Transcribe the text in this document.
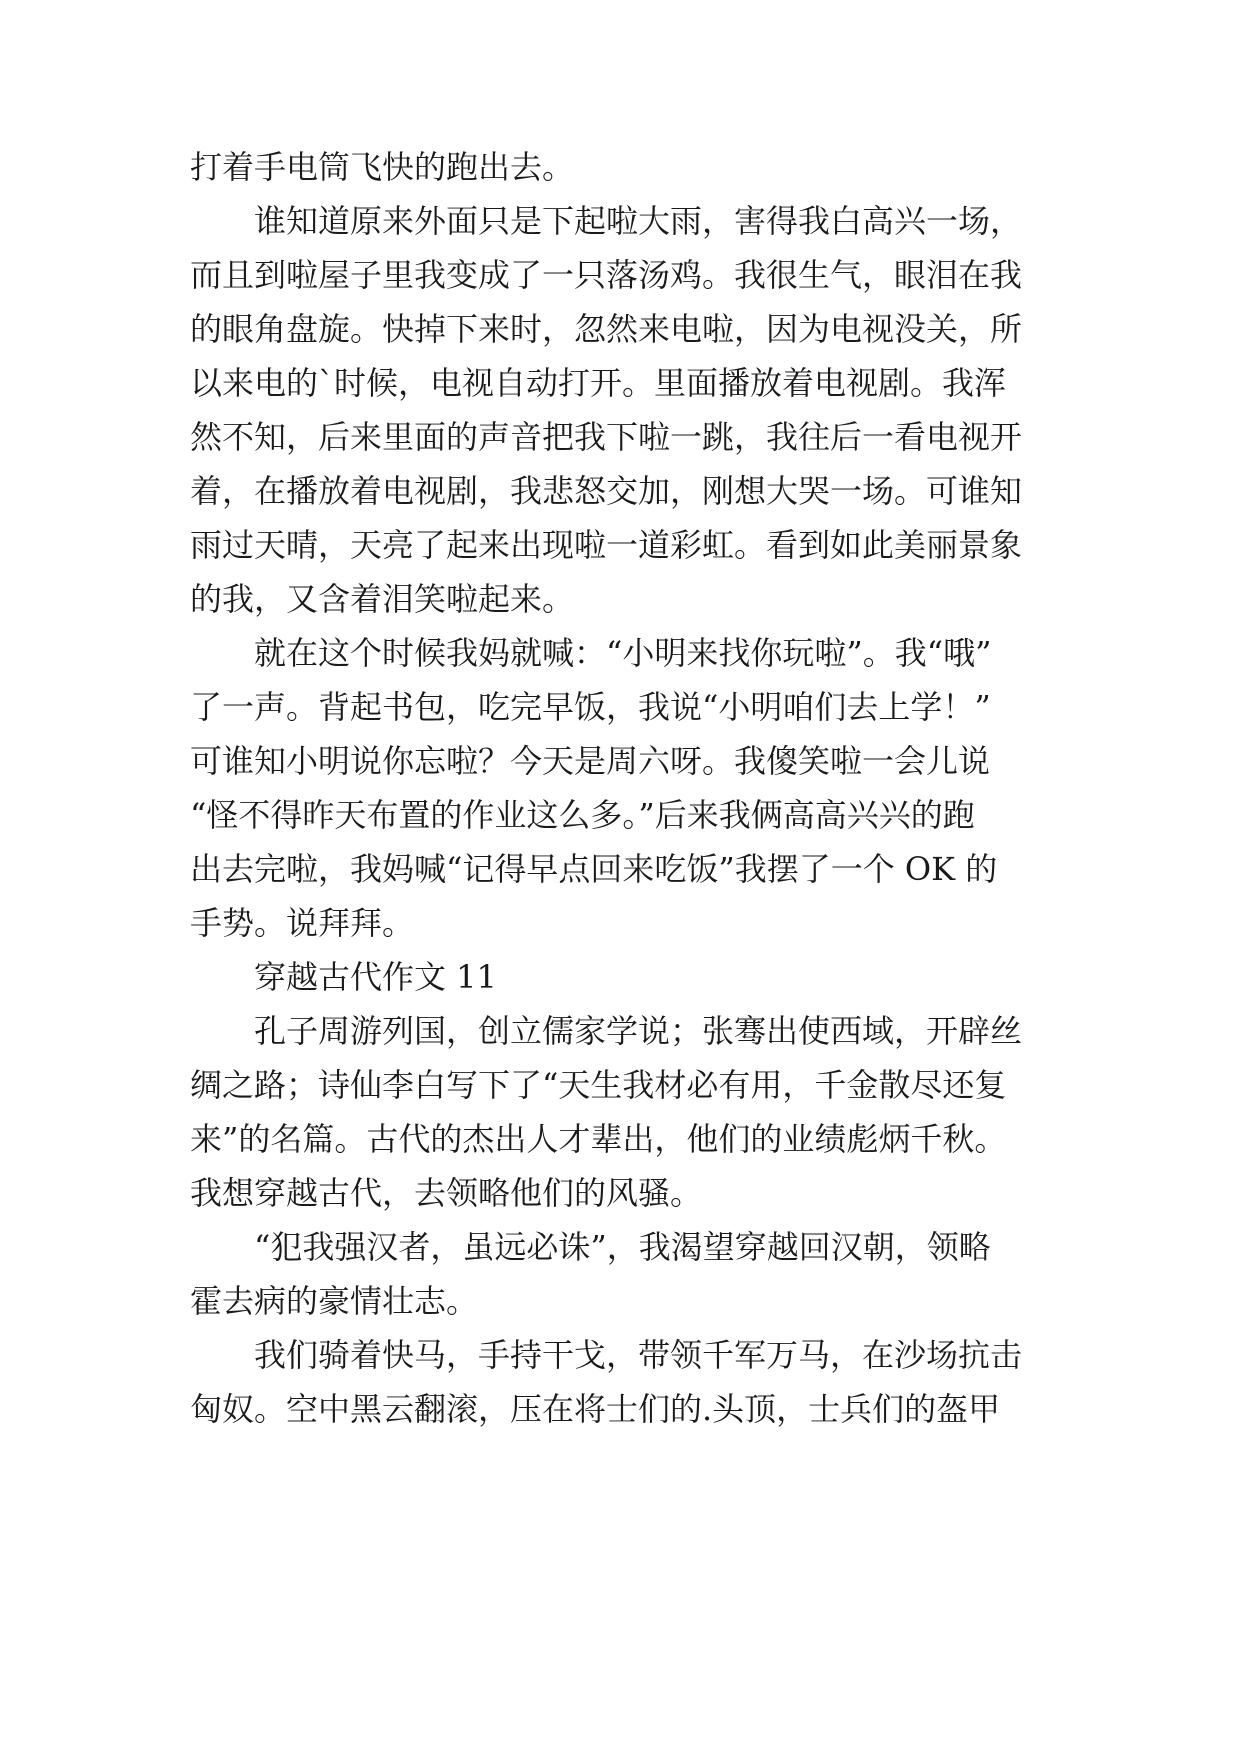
打着手电筒飞快的跑出去。
　　谁知道原来外面只是下起啦大雨，害得我白高兴一场，
而且到啦屋子里我变成了一只落汤鸡。我很生气，眼泪在我
的眼角盘旋。快掉下来时，忽然来电啦，因为电视没关，所
以来电的`时候，电视自动打开。里面播放着电视剧。我浑
然不知，后来里面的声音把我下啦一跳，我往后一看电视开
着，在播放着电视剧，我悲怒交加，刚想大哭一场。可谁知
雨过天晴，天亮了起来出现啦一道彩虹。看到如此美丽景象
的我，又含着泪笑啦起来。
　　就在这个时候我妈就喊：“小明来找你玩啦”。我“哦”
了一声。背起书包，吃完早饭，我说“小明咱们去上学！”
可谁知小明说你忘啦？今天是周六呀。我傻笑啦一会儿说
“怪不得昨天布置的作业这么多。”后来我俩高高兴兴的跑
出去完啦，我妈喊“记得早点回来吃饭”我摆了一个 OK 的
手势。说拜拜。
　　穿越古代作文 11
　　孔子周游列国，创立儒家学说；张骞出使西域，开辟丝
绸之路；诗仙李白写下了“天生我材必有用，千金散尽还复
来”的名篇。古代的杰出人才辈出，他们的业绩彪炳千秋。
我想穿越古代，去领略他们的风骚。
　　“犯我强汉者，虽远必诛”，我渴望穿越回汉朝，领略
霍去病的豪情壮志。
　　我们骑着快马，手持干戈，带领千军万马，在沙场抗击
匈奴。空中黑云翻滚，压在将士们的.头顶，士兵们的盔甲
